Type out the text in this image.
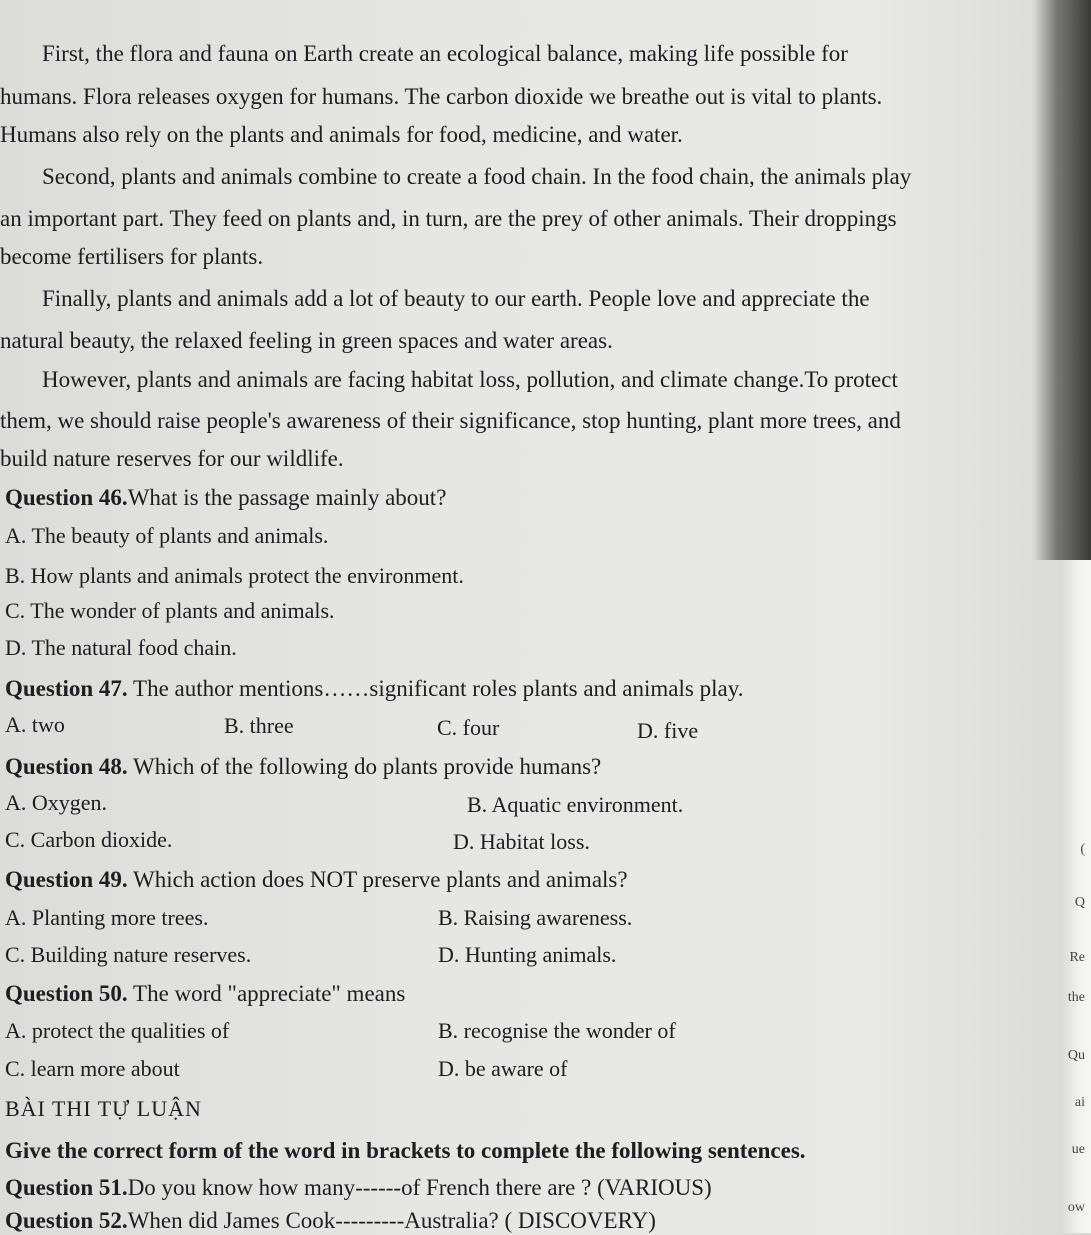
First, the flora and fauna on Earth create an ecological balance, making life possible for
humans. Flora releases oxygen for humans. The carbon dioxide we breathe out is vital to plants.
Humans also rely on the plants and animals for food, medicine, and water.
Second, plants and animals combine to create a food chain. In the food chain, the animals play
an important part. They feed on plants and, in turn, are the prey of other animals. Their droppings
become fertilisers for plants.
Finally, plants and animals add a lot of beauty to our earth. People love and appreciate the
natural beauty, the relaxed feeling in green spaces and water areas.
However, plants and animals are facing habitat loss, pollution, and climate change.To protect
them, we should raise people's awareness of their significance, stop hunting, plant more trees, and
build nature reserves for our wildlife.
Question 46.What is the passage mainly about?
A. The beauty of plants and animals.
B. How plants and animals protect the environment.
C. The wonder of plants and animals.
D. The natural food chain.
Question 47. The author mentions……significant roles plants and animals play.
A. two	B. three	C. four	D. five
Question 48. Which of the following do plants provide humans?
A. Oxygen.	B. Aquatic environment.
C. Carbon dioxide.	D. Habitat loss.
Question 49. Which action does NOT preserve plants and animals?
A. Planting more trees.	B. Raising awareness.
C. Building nature reserves.	D. Hunting animals.
Question 50. The word "appreciate" means
A. protect the qualities of	B. recognise the wonder of
C. learn more about	D. be aware of
BÀI THI TỰ LUẬN
Give the correct form of the word in brackets to complete the following sentences.
Question 51.Do you know how many------of French there are ? (VARIOUS)
Question 52.When did James Cook---------Australia? ( DISCOVERY)
(
Q
Re
the
Qu
ai
ue
ow
